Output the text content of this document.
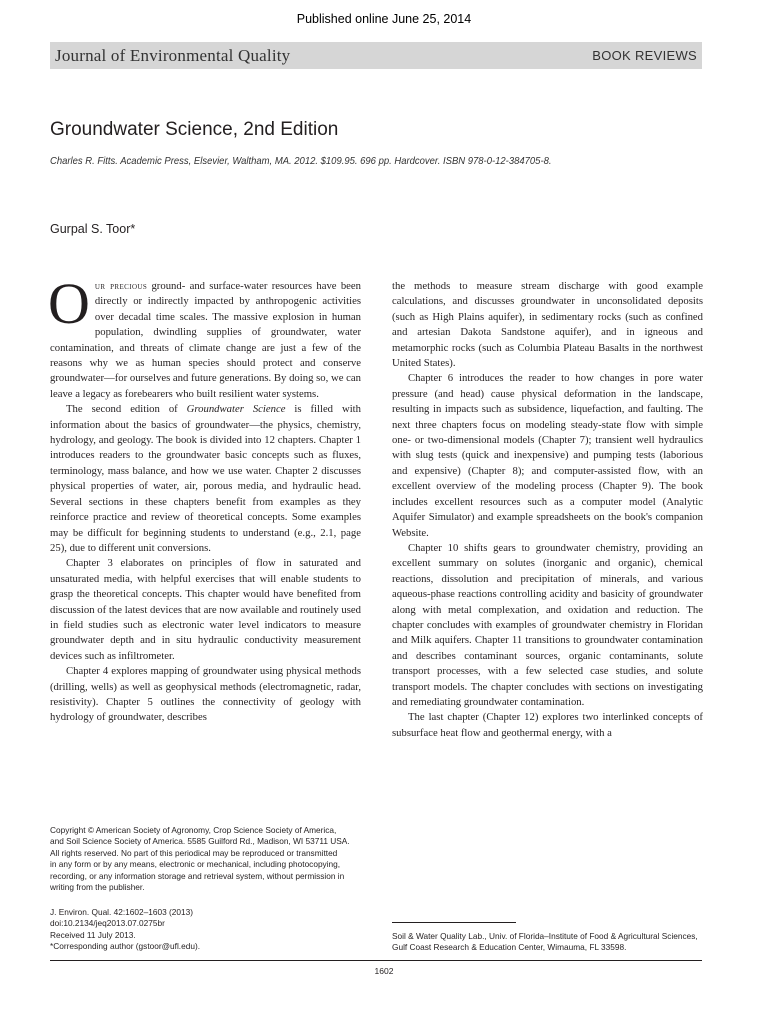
Published online June 25, 2014
Journal of Environmental Quality	BOOK REVIEWS
Groundwater Science, 2nd Edition
Charles R. Fitts. Academic Press, Elsevier, Waltham, MA. 2012. $109.95. 696 pp. Hardcover. ISBN 978-0-12-384705-8.
Gurpal S. Toor*

Our precious ground- and surface-water resources have been directly or indirectly impacted by anthropogenic activities over decadal time scales. The massive explosion in human population, dwindling supplies of groundwater, water contamination, and threats of climate change are just a few of the reasons why we as human species should protect and conserve groundwater—for ourselves and future generations. By doing so, we can leave a legacy as forebearers who built resilient water systems.

The second edition of Groundwater Science is filled with information about the basics of groundwater—the physics, chemistry, hydrology, and geology. The book is divided into 12 chapters. Chapter 1 introduces readers to the groundwater basic concepts such as fluxes, terminology, mass balance, and how we use water. Chapter 2 discusses physical properties of water, air, porous media, and hydraulic head. Several sections in these chapters benefit from examples as they reinforce practice and review of theoretical concepts. Some examples may be difficult for beginning students to understand (e.g., 2.1, page 25), due to different unit conversions.

Chapter 3 elaborates on principles of flow in saturated and unsaturated media, with helpful exercises that will enable students to grasp the theoretical concepts. This chapter would have benefited from discussion of the latest devices that are now available and routinely used in field studies such as electronic water level indicators to measure groundwater depth and in situ hydraulic conductivity measurement devices such as infiltrometer.

Chapter 4 explores mapping of groundwater using physical methods (drilling, wells) as well as geophysical methods (electromagnetic, radar, resistivity). Chapter 5 outlines the connectivity of geology with hydrology of groundwater, describes

the methods to measure stream discharge with good example calculations, and discusses groundwater in unconsolidated deposits (such as High Plains aquifer), in sedimentary rocks (such as confined and artesian Dakota Sandstone aquifer), and in igneous and metamorphic rocks (such as Columbia Plateau Basalts in the northwest United States).

Chapter 6 introduces the reader to how changes in pore water pressure (and head) cause physical deformation in the landscape, resulting in impacts such as subsidence, liquefaction, and faulting. The next three chapters focus on modeling steady-state flow with simple one- or two-dimensional models (Chapter 7); transient well hydraulics with slug tests (quick and inexpensive) and pumping tests (laborious and expensive) (Chapter 8); and computer-assisted flow, with an excellent overview of the modeling process (Chapter 9). The book includes excellent resources such as a computer model (Analytic Aquifer Simulator) and example spreadsheets on the book's companion Website.

Chapter 10 shifts gears to groundwater chemistry, providing an excellent summary on solutes (inorganic and organic), chemical reactions, dissolution and precipitation of minerals, and various aqueous-phase reactions controlling acidity and basicity of groundwater along with metal complexation, and oxidation and reduction. The chapter concludes with examples of groundwater chemistry in Floridan and Milk aquifers. Chapter 11 transitions to groundwater contamination and describes contaminant sources, organic contaminants, solute transport processes, with a few selected case studies, and solute transport models. The chapter concludes with sections on investigating and remediating groundwater contamination.

The last chapter (Chapter 12) explores two interlinked concepts of subsurface heat flow and geothermal energy, with a

Copyright © American Society of Agronomy, Crop Science Society of America,
and Soil Science Society of America. 5585 Guilford Rd., Madison, WI 53711 USA.
All rights reserved. No part of this periodical may be reproduced or transmitted
in any form or by any means, electronic or mechanical, including photocopying,
recording, or any information storage and retrieval system, without permission in
writing from the publisher.
J. Environ. Qual. 42:1602–1603 (2013)
doi:10.2134/jeq2013.07.0275br
Received 11 July 2013.
*Corresponding author (gstoor@ufl.edu).
Soil & Water Quality Lab., Univ. of Florida–Institute of Food & Agricultural Sciences,
Gulf Coast Research & Education Center, Wimauma, FL 33598.
1602
